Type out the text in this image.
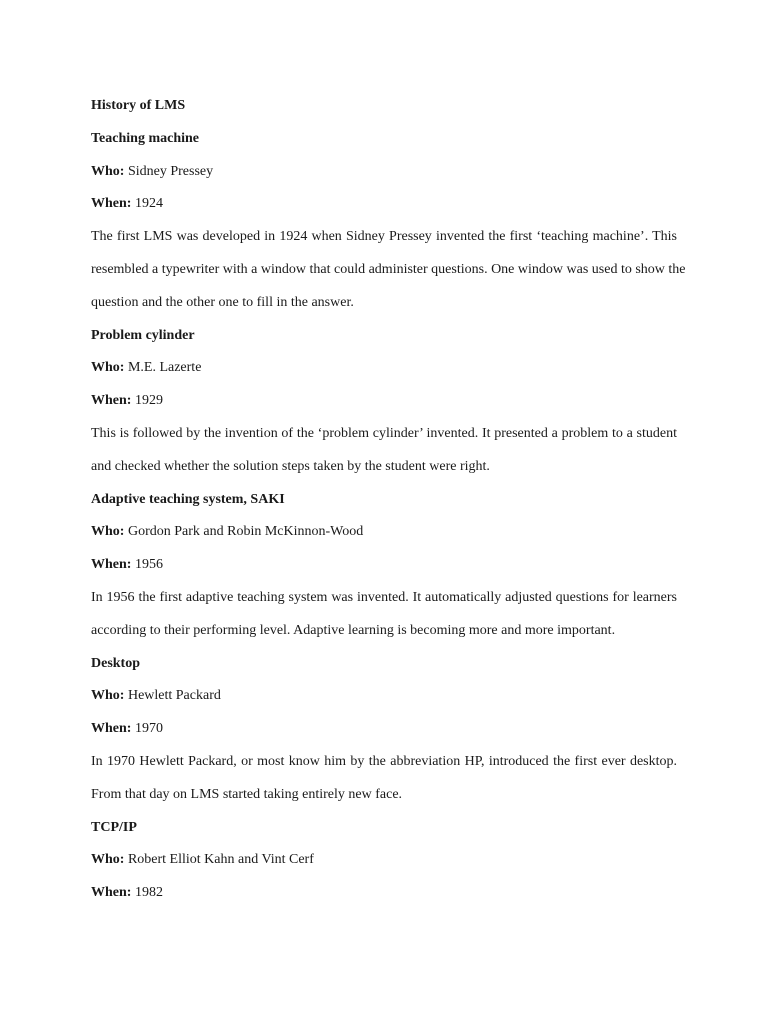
History of LMS
Teaching machine
Who: Sidney Pressey
When: 1924
The first LMS was developed in 1924 when Sidney Pressey invented the first ‘teaching machine’. This
resembled a typewriter with a window that could administer questions. One window was used to show the
question and the other one to fill in the answer.
Problem cylinder
Who: M.E. Lazerte
When: 1929
This is followed by the invention of the ‘problem cylinder’ invented. It presented a problem to a student
and checked whether the solution steps taken by the student were right.
Adaptive teaching system, SAKI
Who: Gordon Park and Robin McKinnon-Wood
When: 1956
In 1956 the first adaptive teaching system was invented. It automatically adjusted questions for learners
according to their performing level. Adaptive learning is becoming more and more important.
Desktop
Who: Hewlett Packard
When: 1970
In 1970 Hewlett Packard, or most know him by the abbreviation HP, introduced the first ever desktop.
From that day on LMS started taking entirely new face.
TCP/IP
Who: Robert Elliot Kahn and Vint Cerf
When: 1982
